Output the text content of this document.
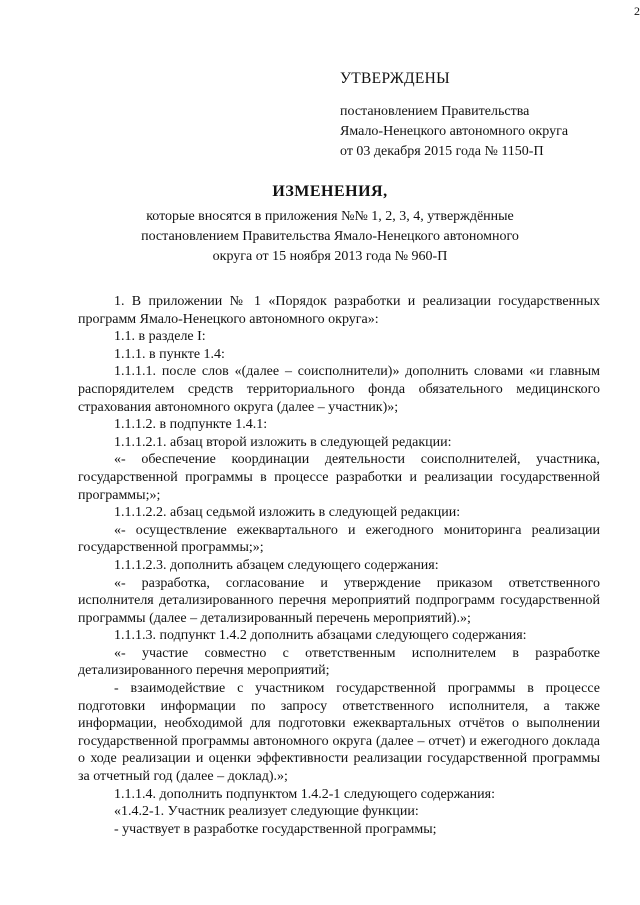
2
УТВЕРЖДЕНЫ
постановлением Правительства
Ямало-Ненецкого автономного округа
от 03 декабря 2015 года № 1150-П
ИЗМЕНЕНИЯ,
которые вносятся в приложения №№ 1, 2, 3, 4, утверждённые
постановлением Правительства Ямало-Ненецкого автономного
округа от 15 ноября 2013 года № 960-П

1. В приложении № 1 «Порядок разработки и реализации государственных программ Ямало-Ненецкого автономного округа»:

1.1. в разделе I:

1.1.1. в пункте 1.4:

1.1.1.1. после слов «(далее – соисполнители)» дополнить словами «и главным распорядителем средств территориального фонда обязательного медицинского страхования автономного округа (далее – участник)»;

1.1.1.2. в подпункте 1.4.1:

1.1.1.2.1. абзац второй изложить в следующей редакции:

«- обеспечение координации деятельности соисполнителей, участника, государственной программы в процессе разработки и реализации государственной программы;»;

1.1.1.2.2. абзац седьмой изложить в следующей редакции:

«- осуществление ежеквартального и ежегодного мониторинга реализации государственной программы;»;

1.1.1.2.3. дополнить абзацем следующего содержания:

«- разработка, согласование и утверждение приказом ответственного исполнителя детализированного перечня мероприятий подпрограмм государственной программы (далее – детализированный перечень мероприятий).»;

1.1.1.3. подпункт 1.4.2 дополнить абзацами следующего содержания:

«- участие совместно с ответственным исполнителем в разработке детализированного перечня мероприятий;

- взаимодействие с участником государственной программы в процессе подготовки информации по запросу ответственного исполнителя, а также информации, необходимой для подготовки ежеквартальных отчётов о выполнении государственной программы автономного округа (далее – отчет) и ежегодного доклада о ходе реализации и оценки эффективности реализации государственной программы за отчетный год (далее – доклад).»;

1.1.1.4. дополнить подпунктом 1.4.2-1 следующего содержания:

«1.4.2-1. Участник реализует следующие функции:

- участвует в разработке государственной программы;
